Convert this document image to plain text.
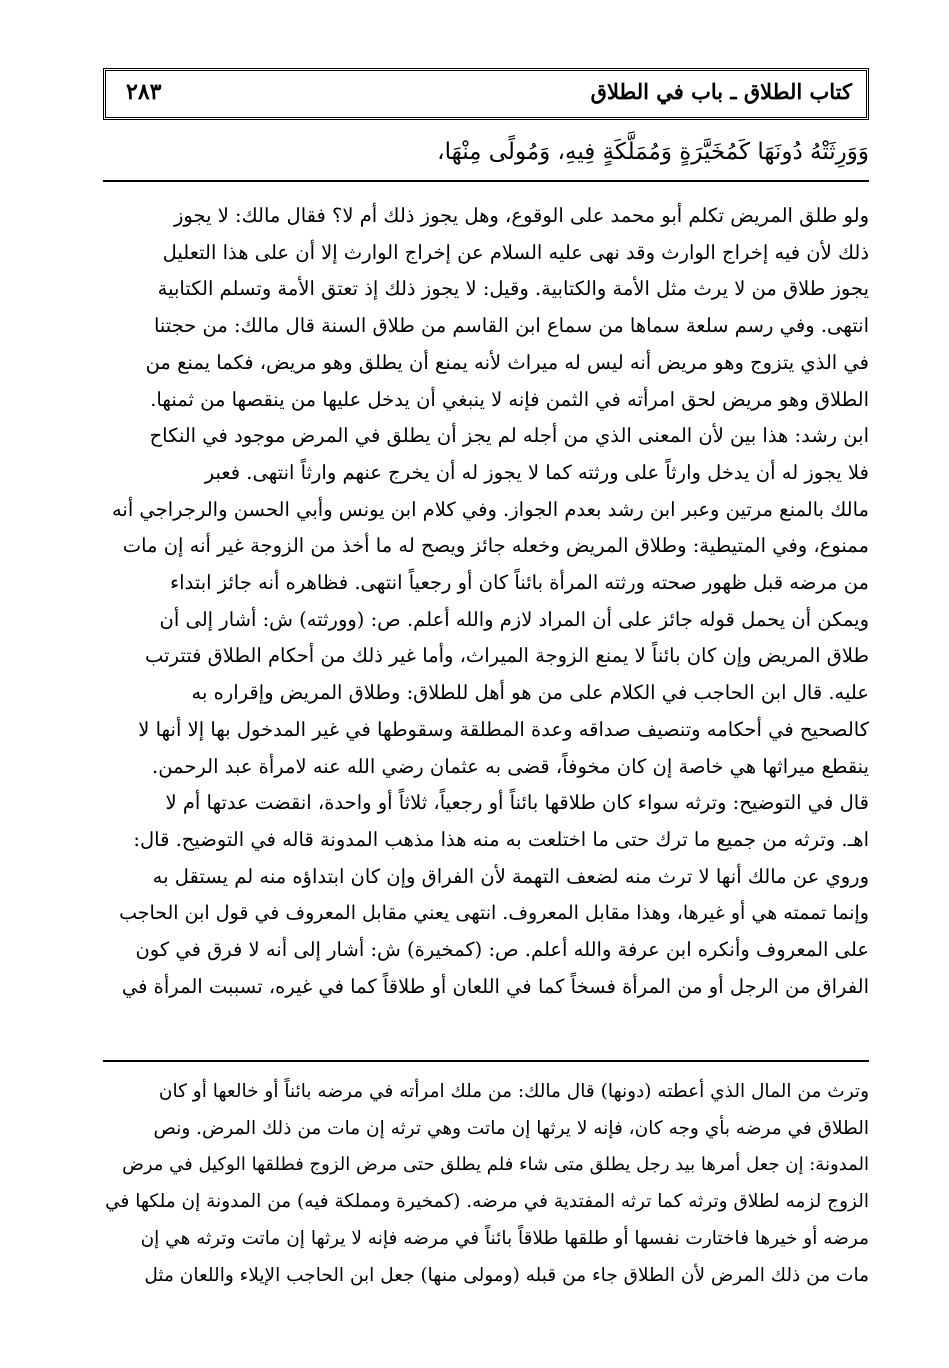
كتاب الطلاق ـ باب في الطلاق
٢٨٣
وَوَرِثَتْهُ دُونَهَا كَمُخَيَّرَةٍ وَمُمَلَّكَةٍ فِيهِ، وَمُولًى مِنْهَا،
ولو طلق المريض تكلم أبو محمد على الوقوع، وهل يجوز ذلك أم لا؟ فقال مالك: لا يجوز
ذلك لأن فيه إخراج الوارث وقد نهى عليه السلام عن إخراج الوارث إلا أن على هذا التعليل
يجوز طلاق من لا يرث مثل الأمة والكتابية. وقيل: لا يجوز ذلك إذ تعتق الأمة وتسلم الكتابية
انتهى. وفي رسم سلعة سماها من سماع ابن القاسم من طلاق السنة قال مالك: من حجتنا
في الذي يتزوج وهو مريض أنه ليس له ميراث لأنه يمنع أن يطلق وهو مريض، فكما يمنع من
الطلاق وهو مريض لحق امرأته في الثمن فإنه لا ينبغي أن يدخل عليها من ينقصها من ثمنها.
ابن رشد: هذا بين لأن المعنى الذي من أجله لم يجز أن يطلق في المرض موجود في النكاح
فلا يجوز له أن يدخل وارثاً على ورثته كما لا يجوز له أن يخرج عنهم وارثاً انتهى. فعبر
مالك بالمنع مرتين وعبر ابن رشد بعدم الجواز. وفي كلام ابن يونس وأبي الحسن والرجراجي أنه
ممنوع، وفي المتيطية: وطلاق المريض وخعله جائز ويصح له ما أخذ من الزوجة غير أنه إن مات
من مرضه قبل ظهور صحته ورثته المرأة بائناً كان أو رجعياً انتهى. فظاهره أنه جائز ابتداء
ويمكن أن يحمل قوله جائز على أن المراد لازم والله أعلم. ص: (وورثته) ش: أشار إلى أن
طلاق المريض وإن كان بائناً لا يمنع الزوجة الميراث، وأما غير ذلك من أحكام الطلاق فتترتب
عليه. قال ابن الحاجب في الكلام على من هو أهل للطلاق: وطلاق المريض وإقراره به
كالصحيح في أحكامه وتنصيف صداقه وعدة المطلقة وسقوطها في غير المدخول بها إلا أنها لا
ينقطع ميراثها هي خاصة إن كان مخوفاً، قضى به عثمان رضي الله عنه لامرأة عبد الرحمن.
قال في التوضيح: وترثه سواء كان طلاقها بائناً أو رجعياً، ثلاثاً أو واحدة، انقضت عدتها أم لا
اهـ. وترثه من جميع ما ترك حتى ما اختلعت به منه هذا مذهب المدونة قاله في التوضيح. قال:
وروي عن مالك أنها لا ترث منه لضعف التهمة لأن الفراق وإن كان ابتداؤه منه لم يستقل به
وإنما تممته هي أو غيرها، وهذا مقابل المعروف. انتهى يعني مقابل المعروف في قول ابن الحاجب
على المعروف وأنكره ابن عرفة والله أعلم. ص: (كمخيرة) ش: أشار إلى أنه لا فرق في كون
الفراق من الرجل أو من المرأة فسخاً كما في اللعان أو طلاقاً كما في غيره، تسببت المرأة في
وترث من المال الذي أعطته (دونها) قال مالك: من ملك امرأته في مرضه بائناً أو خالعها أو كان
الطلاق في مرضه بأي وجه كان، فإنه لا يرثها إن ماتت وهي ترثه إن مات من ذلك المرض. ونص
المدونة: إن جعل أمرها بيد رجل يطلق متى شاء فلم يطلق حتى مرض الزوج فطلقها الوكيل في مرض
الزوج لزمه لطلاق وترثه كما ترثه المفتدية في مرضه. (كمخيرة ومملكة فيه) من المدونة إن ملكها في
مرضه أو خيرها فاختارت نفسها أو طلقها طلاقاً بائناً في مرضه فإنه لا يرثها إن ماتت وترثه هي إن
مات من ذلك المرض لأن الطلاق جاء من قبله (ومولى منها) جعل ابن الحاجب الإيلاء واللعان مثل
